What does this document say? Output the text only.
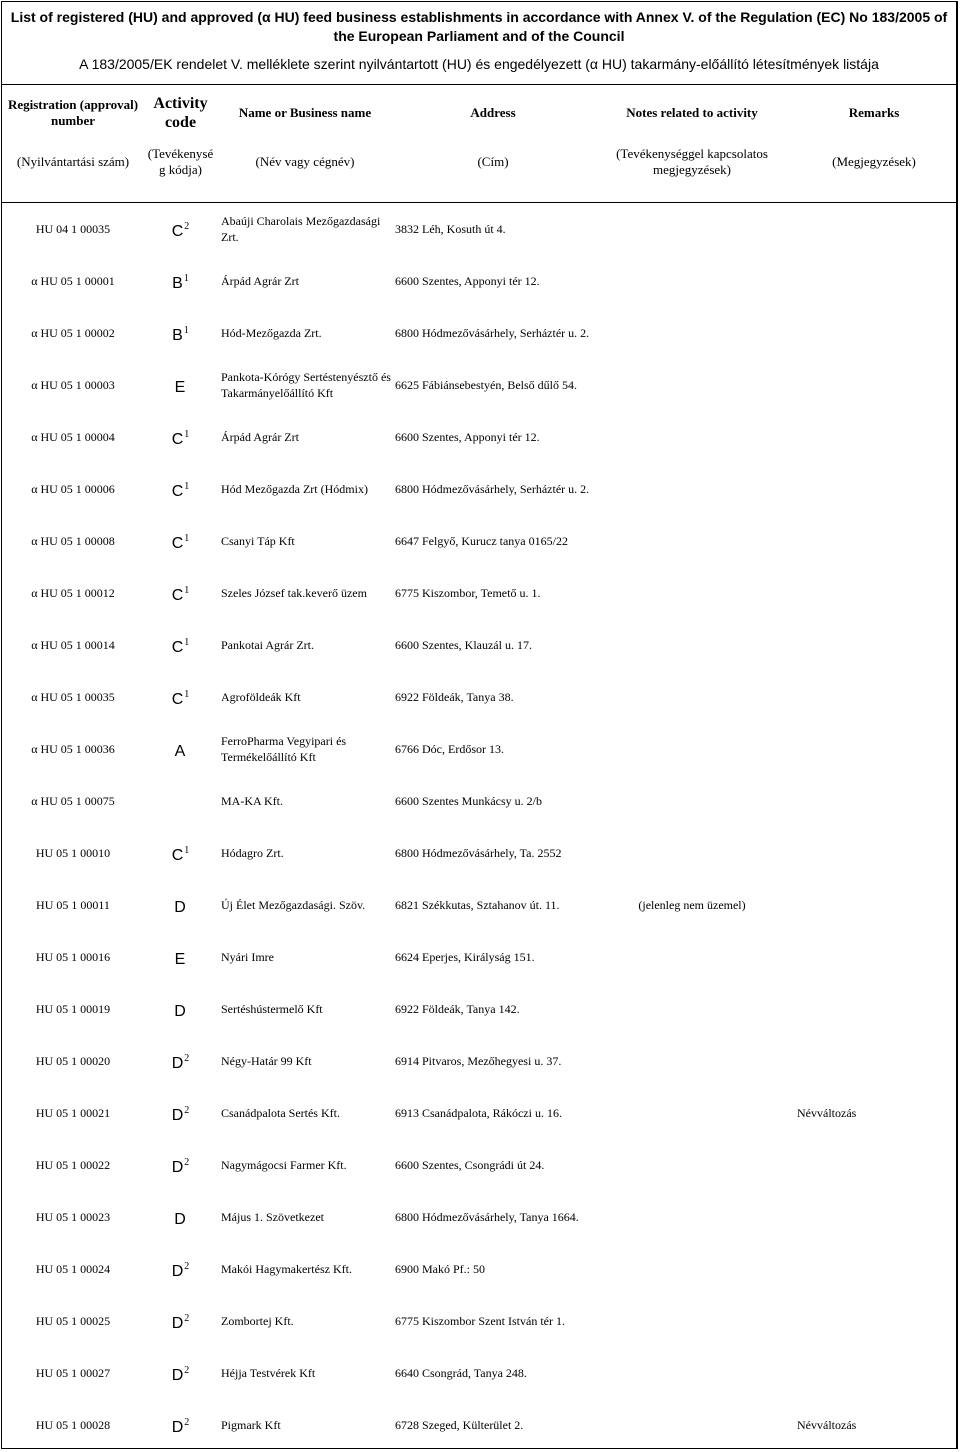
List of registered (HU) and approved (α HU) feed business establishments in accordance with Annex V. of the Regulation (EC) No 183/2005 of the European Parliament and of the Council
A 183/2005/EK rendelet V. melléklete szerint nyilvántartott (HU) és engedélyezett (α HU) takarmány-előállító létesítmények listája
Registration (approval) number	Activity code	Name or Business name	Address	Notes related to activity	Remarks
(Nyilvántartási szám)	(Tevékenysé g kódja)	(Név vagy cégnév)	(Cím)	(Tevékenységgel kapcsolatos megjegyzések)	(Megjegyzések)

HU 04 1 00035	$C^2$	Abaúji Charolais Mezőgazdasági Zrt.	3832 Léh, Kosuth út 4.		
α HU 05 1 00001	$B^1$	Árpád Agrár Zrt	6600 Szentes, Apponyi tér 12.		
α HU 05 1 00002	$B^1$	Hód-Mezőgazda Zrt.	6800 Hódmezővásárhely, Serháztér u. 2.		
α HU 05 1 00003	E	Pankota-Kórógy Sertéstenyésztő és Takarmányelőállító Kft	6625 Fábiánsebestyén, Belső dűlő 54.		
α HU 05 1 00004	$C^1$	Árpád Agrár Zrt	6600 Szentes, Apponyi tér 12.		
α HU 05 1 00006	$C^1$	Hód Mezőgazda Zrt (Hódmix)	6800 Hódmezővásárhely, Serháztér u. 2.		
α HU 05 1 00008	$C^1$	Csanyi Táp Kft	6647 Felgyő, Kurucz tanya 0165/22		
α HU 05 1 00012	$C^1$	Szeles József tak.keverő üzem	6775 Kiszombor, Temető u. 1.		
α HU 05 1 00014	$C^1$	Pankotai Agrár Zrt.	6600 Szentes, Klauzál u. 17.		
α HU 05 1 00035	$C^1$	Agroföldeák Kft	6922 Földeák, Tanya 38.		
α HU 05 1 00036	A	FerroPharma Vegyipari és Termékelőállító Kft	6766 Dóc, Erdősor 13.		
α HU 05 1 00075		MA-KA Kft.	6600 Szentes Munkácsy u. 2/b		
HU 05 1 00010	$C^1$	Hódagro Zrt.	6800 Hódmezővásárhely, Ta. 2552		
HU 05 1 00011	D	Új Élet Mezőgazdasági. Szöv.	6821 Székkutas, Sztahanov út. 11.	(jelenleg nem üzemel)	
HU 05 1 00016	E	Nyári Imre	6624 Eperjes, Királyság 151.		
HU 05 1 00019	D	Sertéshústermelő Kft	6922 Földeák, Tanya 142.		
HU 05 1 00020	$D^2$	Négy-Határ 99 Kft	6914 Pitvaros, Mezőhegyesi u. 37.		
HU 05 1 00021	$D^2$	Csanádpalota Sertés Kft.	6913 Csanádpalota, Rákóczi u. 16.		Névváltozás
HU 05 1 00022	$D^2$	Nagymágocsi Farmer Kft.	6600 Szentes, Csongrádi út 24.		
HU 05 1 00023	D	Május 1. Szövetkezet	6800 Hódmezővásárhely, Tanya 1664.		
HU 05 1 00024	$D^2$	Makói Hagymakertész Kft.	6900 Makó Pf.: 50		
HU 05 1 00025	$D^2$	Zombortej Kft.	6775 Kiszombor Szent István tér 1.		
HU 05 1 00027	$D^2$	Héjja Testvérek Kft	6640 Csongrád, Tanya 248.		
HU 05 1 00028	$D^2$	Pigmark Kft	6728 Szeged, Külterület 2.		Névváltozás
